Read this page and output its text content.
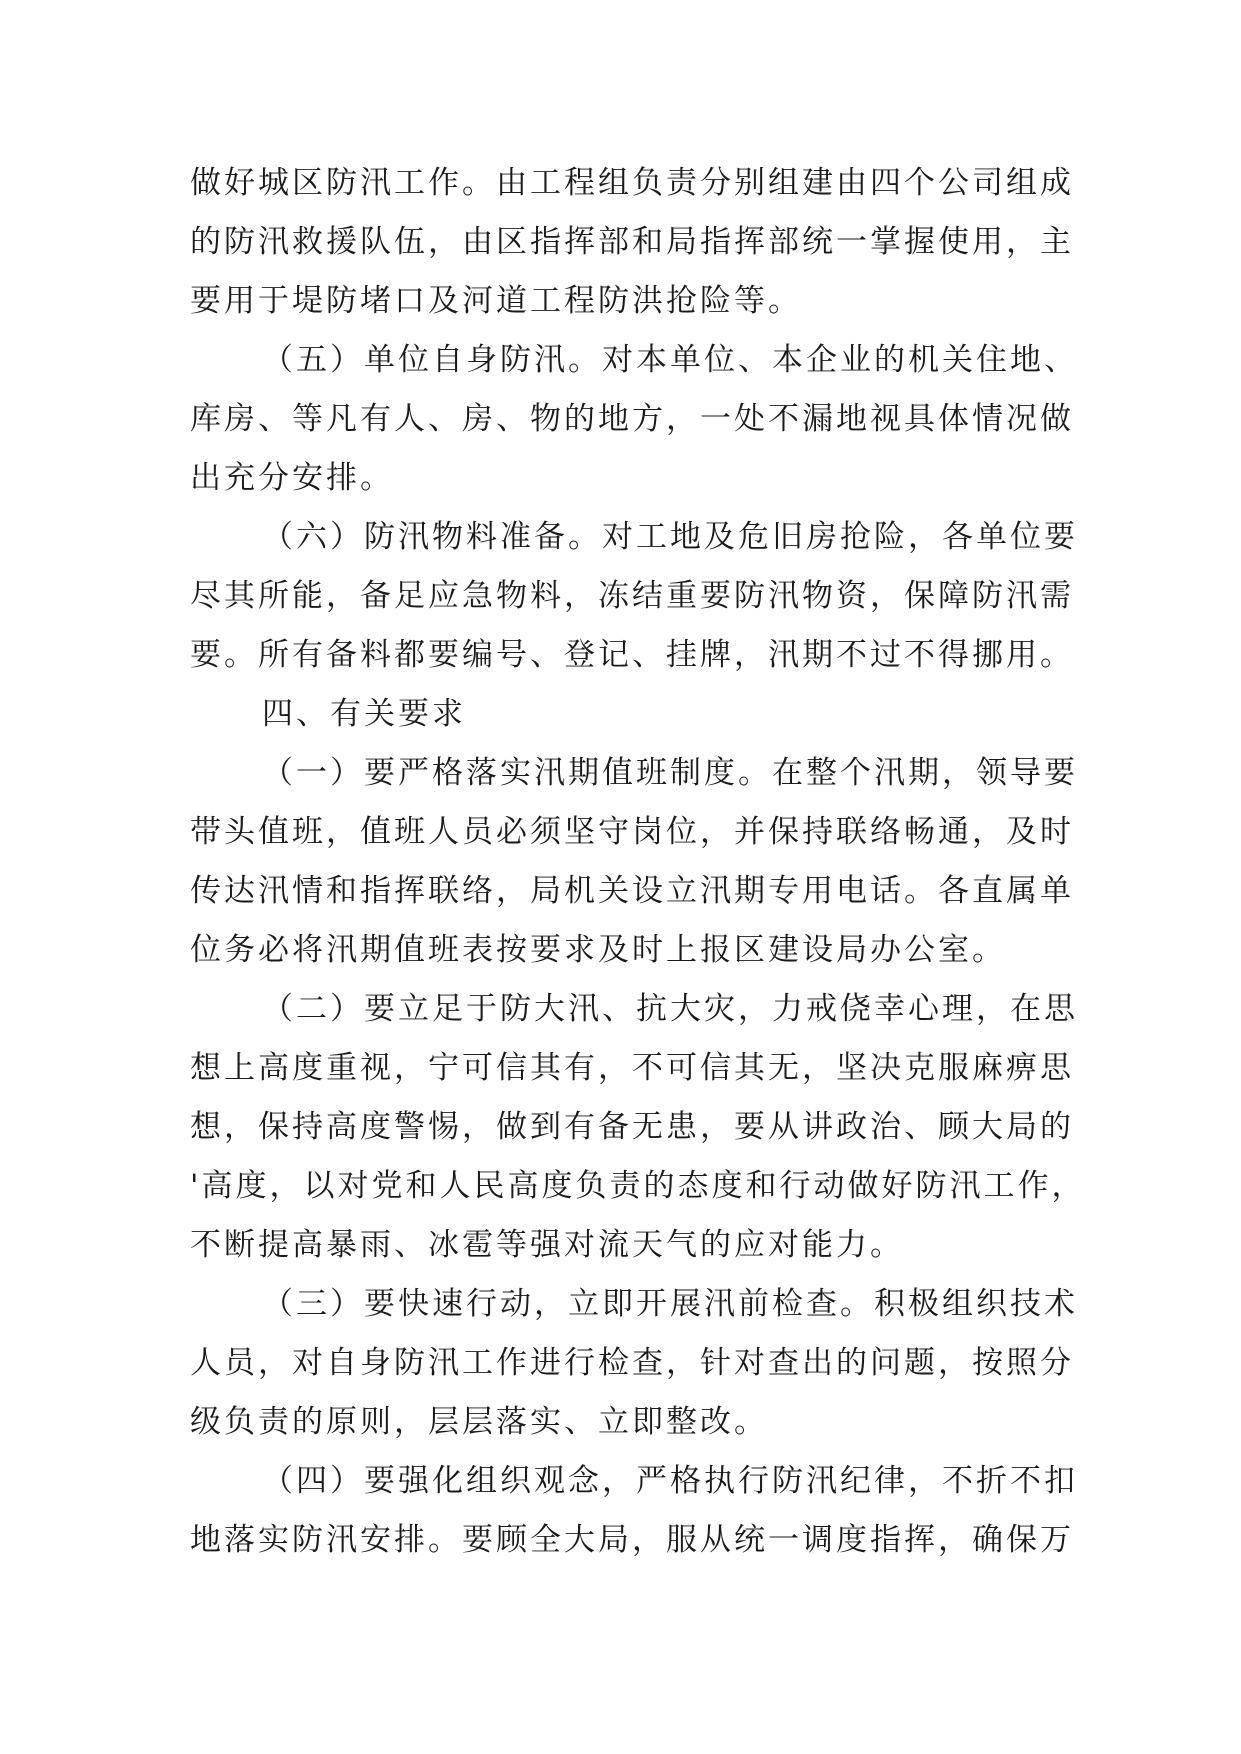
做好城区防汛工作。由工程组负责分别组建由四个公司组成
的防汛救援队伍，由区指挥部和局指挥部统一掌握使用，主
要用于堤防堵口及河道工程防洪抢险等。
（五）单位自身防汛。对本单位、本企业的机关住地、
库房、等凡有人、房、物的地方，一处不漏地视具体情况做
出充分安排。
（六）防汛物料准备。对工地及危旧房抢险，各单位要
尽其所能，备足应急物料，冻结重要防汛物资，保障防汛需
要。所有备料都要编号、登记、挂牌，汛期不过不得挪用。
四、有关要求
（一）要严格落实汛期值班制度。在整个汛期，领导要
带头值班，值班人员必须坚守岗位，并保持联络畅通，及时
传达汛情和指挥联络，局机关设立汛期专用电话。各直属单
位务必将汛期值班表按要求及时上报区建设局办公室。
（二）要立足于防大汛、抗大灾，力戒侥幸心理，在思
想上高度重视，宁可信其有，不可信其无，坚决克服麻痹思
想，保持高度警惕，做到有备无患，要从讲政治、顾大局的
'高度，以对党和人民高度负责的态度和行动做好防汛工作，
不断提高暴雨、冰雹等强对流天气的应对能力。
（三）要快速行动，立即开展汛前检查。积极组织技术
人员，对自身防汛工作进行检查，针对查出的问题，按照分
级负责的原则，层层落实、立即整改。
（四）要强化组织观念，严格执行防汛纪律，不折不扣
地落实防汛安排。要顾全大局，服从统一调度指挥，确保万
